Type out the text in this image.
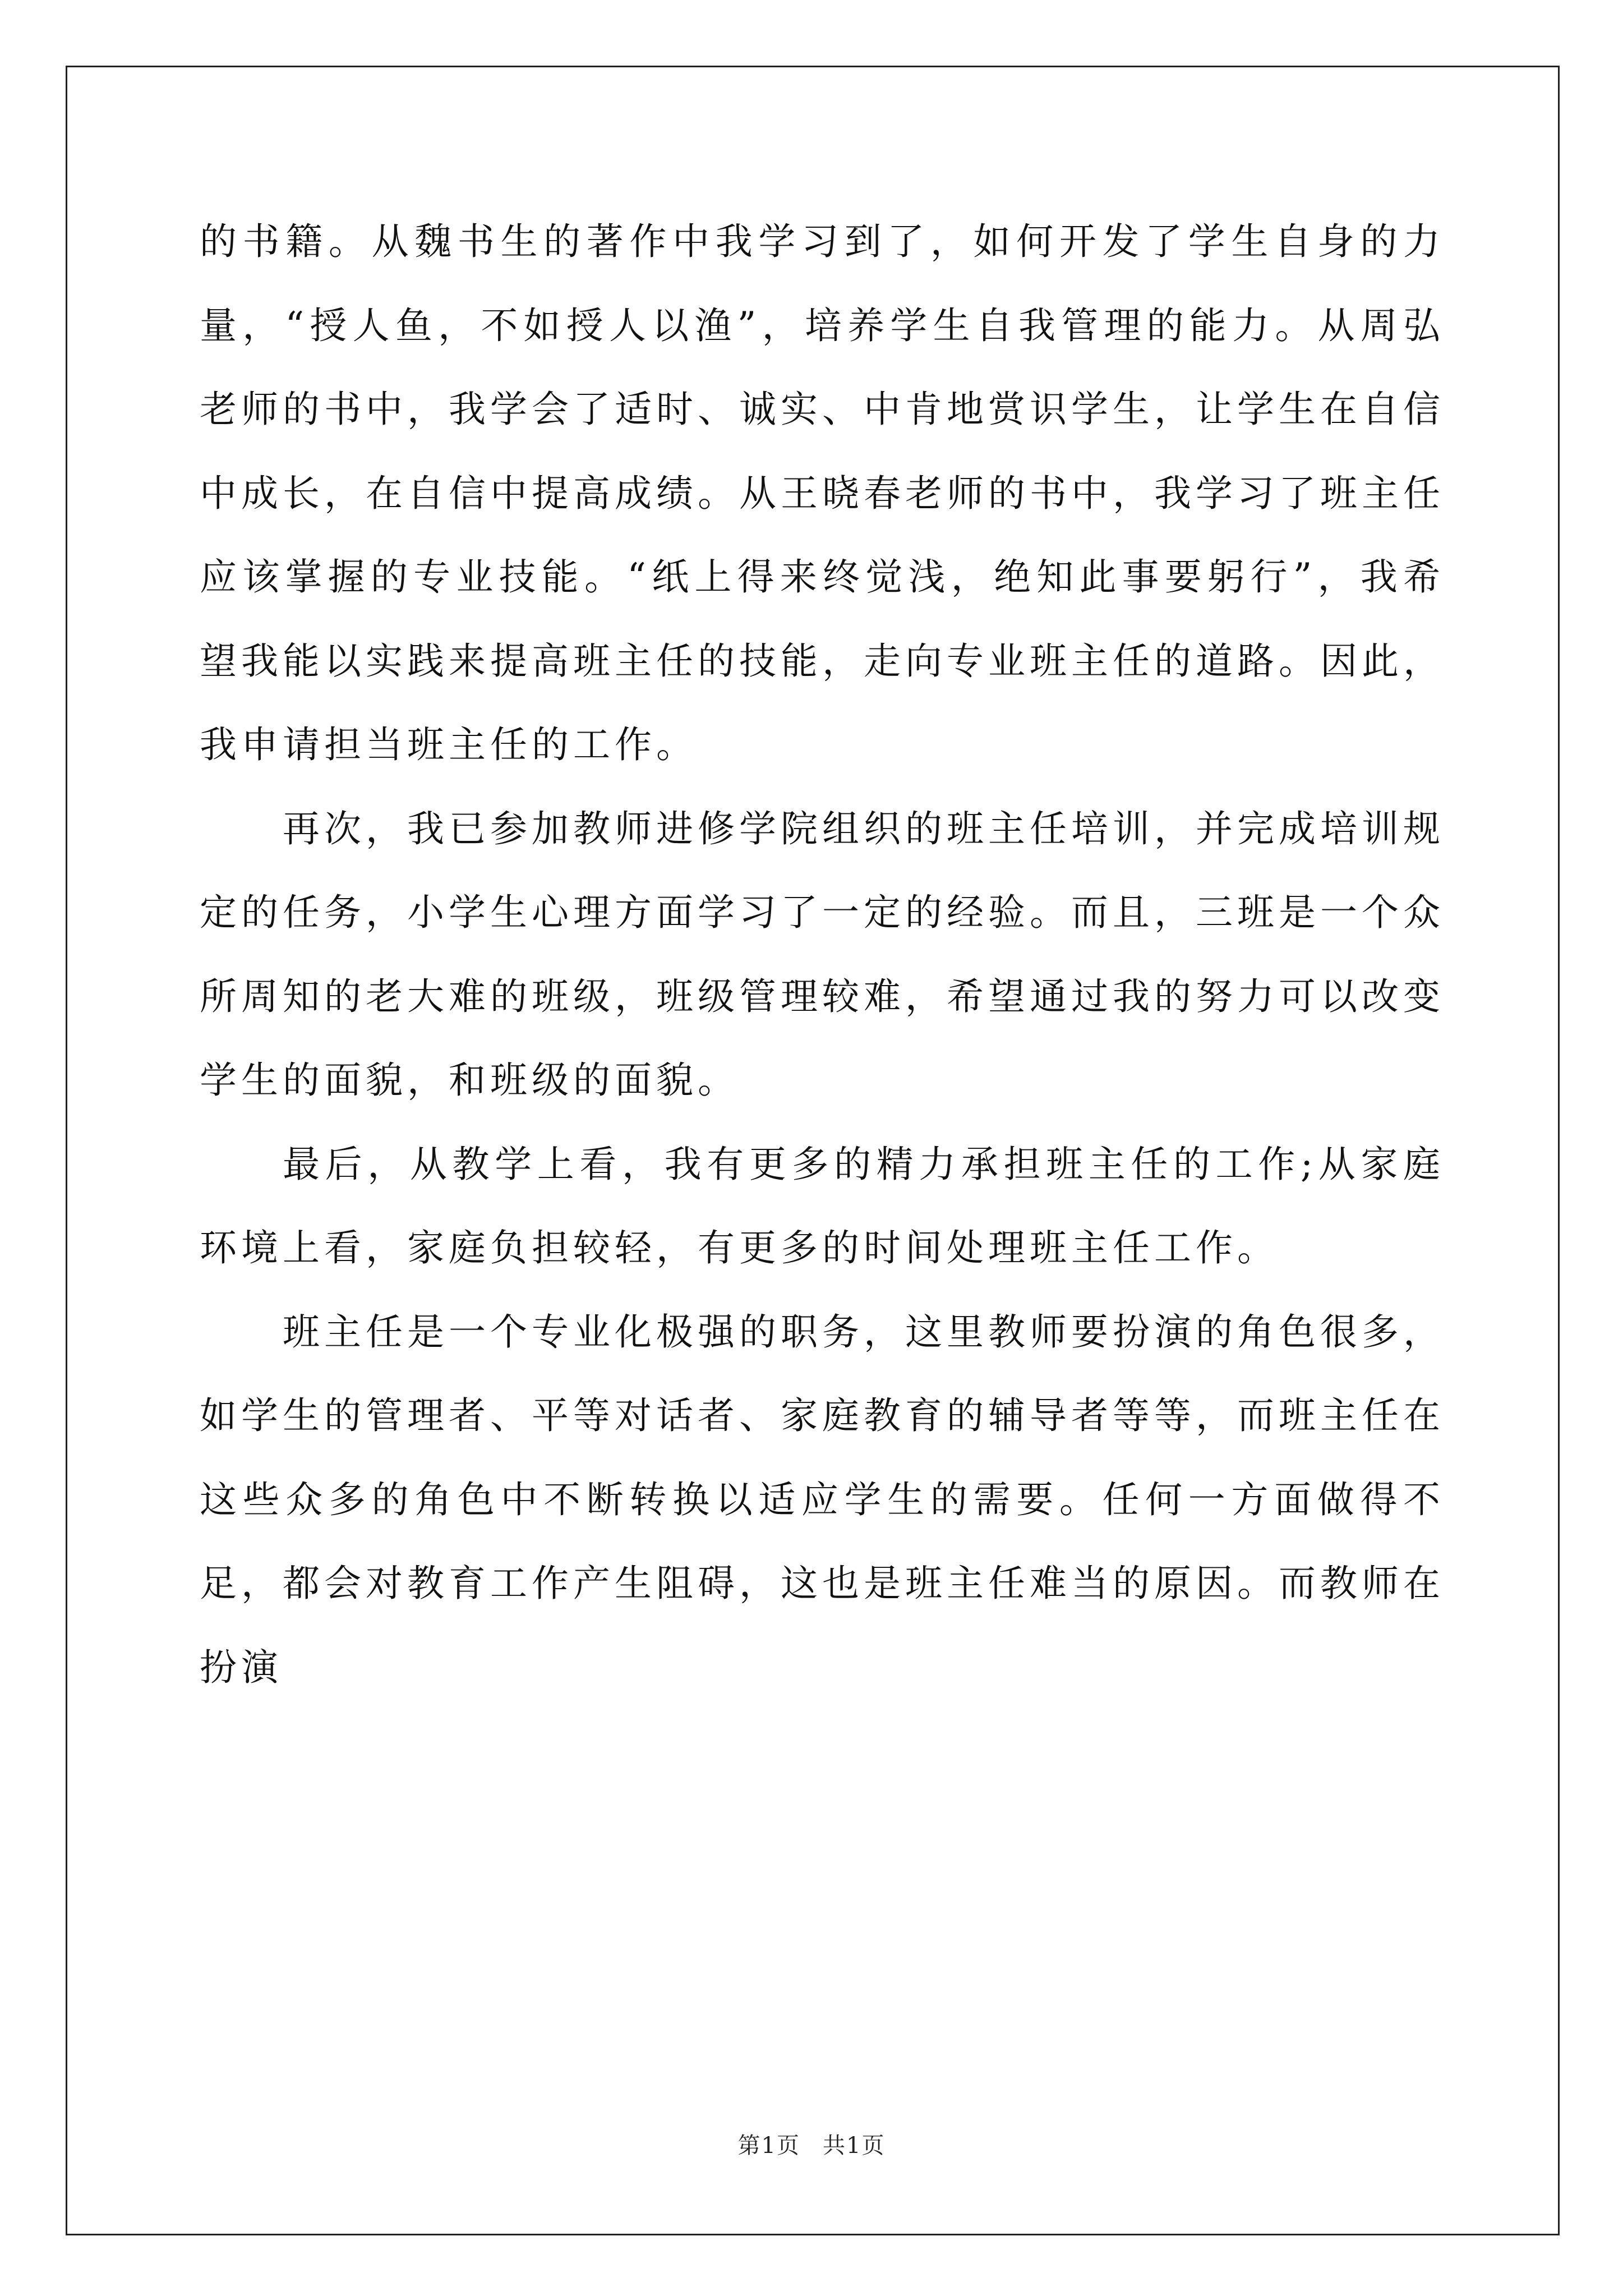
的书籍。从魏书生的著作中我学习到了，如何开发了学生自身的力量，“授人鱼，不如授人以渔”，培养学生自我管理的能力。从周弘老师的书中，我学会了适时、诚实、中肯地赏识学生，让学生在自信中成长，在自信中提高成绩。从王晓春老师的书中，我学习了班主任应该掌握的专业技能。“纸上得来终觉浅，绝知此事要躬行”，我希望我能以实践来提高班主任的技能，走向专业班主任的道路。因此，我申请担当班主任的工作。

再次，我已参加教师进修学院组织的班主任培训，并完成培训规定的任务，小学生心理方面学习了一定的经验。而且，三班是一个众所周知的老大难的班级，班级管理较难，希望通过我的努力可以改变学生的面貌，和班级的面貌。

最后，从教学上看，我有更多的精力承担班主任的工作;从家庭环境上看，家庭负担较轻，有更多的时间处理班主任工作。

班主任是一个专业化极强的职务，这里教师要扮演的角色很多，如学生的管理者、平等对话者、家庭教育的辅导者等等，而班主任在这些众多的角色中不断转换以适应学生的需要。任何一方面做得不足，都会对教育工作产生阻碍，这也是班主任难当的原因。而教师在扮演

第1页 共1页
